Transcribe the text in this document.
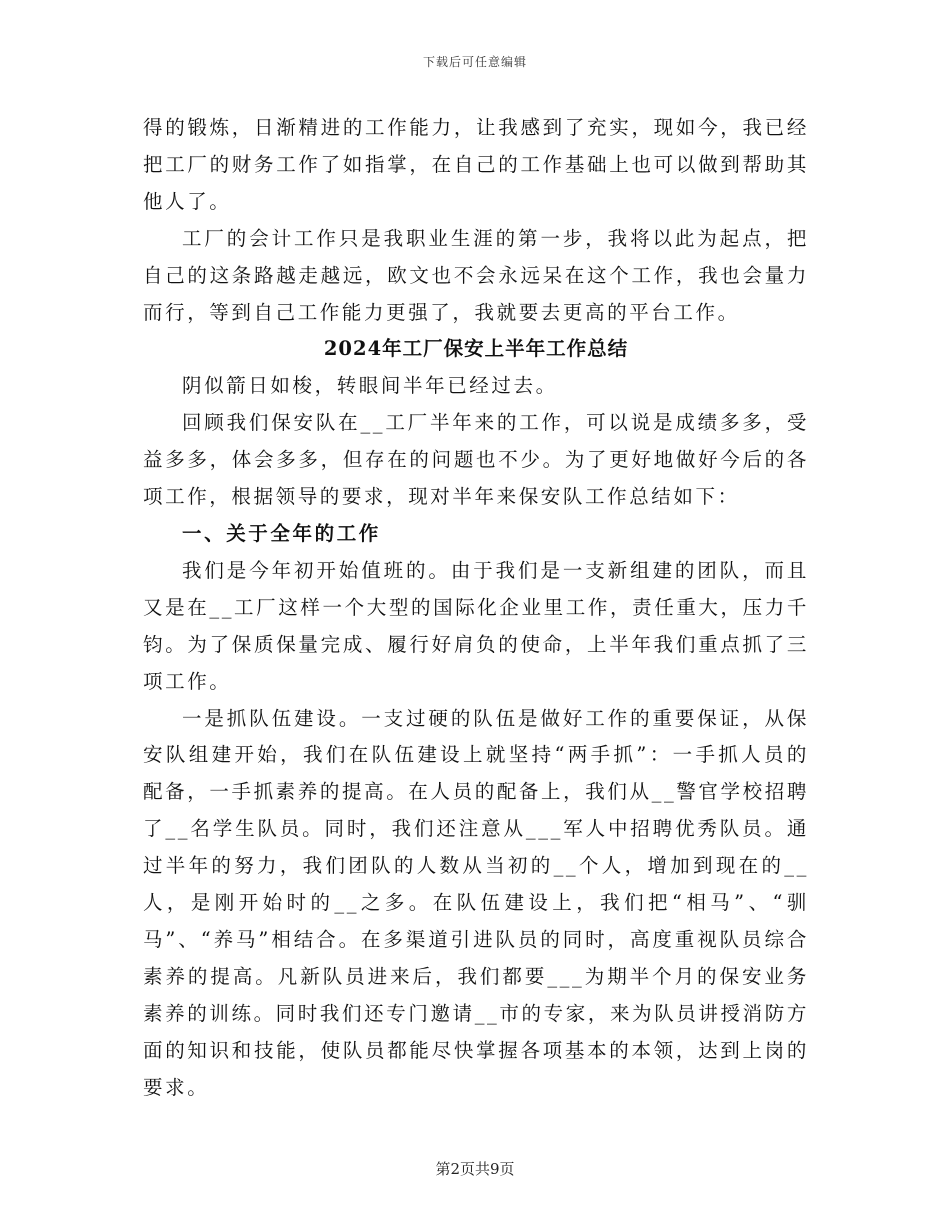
下载后可任意编辑

得的锻炼，日渐精进的工作能力，让我感到了充实，现如今，我已经把工厂的财务工作了如指掌，在自己的工作基础上也可以做到帮助其他人了。

工厂的会计工作只是我职业生涯的第一步，我将以此为起点，把自己的这条路越走越远，欧文也不会永远呆在这个工作，我也会量力而行，等到自己工作能力更强了，我就要去更高的平台工作。

2024年工厂保安上半年工作总结

阴似箭日如梭，转眼间半年已经过去。

回顾我们保安队在__工厂半年来的工作，可以说是成绩多多，受益多多，体会多多，但存在的问题也不少。为了更好地做好今后的各项工作，根据领导的要求，现对半年来保安队工作总结如下：

一、关于全年的工作

我们是今年初开始值班的。由于我们是一支新组建的团队，而且又是在__工厂这样一个大型的国际化企业里工作，责任重大，压力千钧。为了保质保量完成、履行好肩负的使命，上半年我们重点抓了三项工作。

一是抓队伍建设。一支过硬的队伍是做好工作的重要保证，从保安队组建开始，我们在队伍建设上就坚持“两手抓”：一手抓人员的配备，一手抓素养的提高。在人员的配备上，我们从__警官学校招聘了__名学生队员。同时，我们还注意从___军人中招聘优秀队员。通过半年的努力，我们团队的人数从当初的__个人，增加到现在的__人，是刚开始时的__之多。在队伍建设上，我们把“相马”、“驯马”、“养马”相结合。在多渠道引进队员的同时，高度重视队员综合素养的提高。凡新队员进来后，我们都要___为期半个月的保安业务素养的训练。同时我们还专门邀请__市的专家，来为队员讲授消防方面的知识和技能，使队员都能尽快掌握各项基本的本领，达到上岗的要求。

第2页共9页
